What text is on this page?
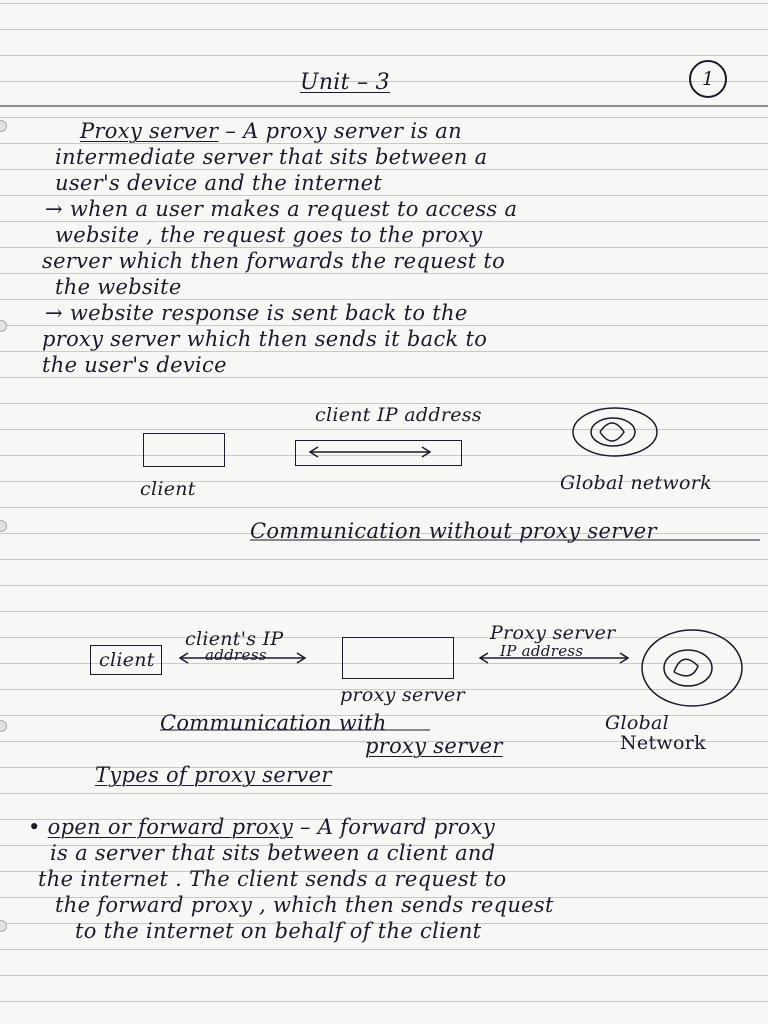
Unit – 3	1
Proxy server – A proxy server is an
intermediate server that sits between a
user's device and the internet
→ when a user makes a request to access a
website , the request goes to the proxy
server which then forwards the request to
the website
→ website response is sent back to the
proxy server which then sends it back to
the user's device
client IP address
client	Global network
Communication without proxy server
client
client's IP
address
Proxy server
IP address
proxy server
Communication with
proxy server
Global
Network
Types of proxy server
• open or forward proxy – A forward proxy
is a server that sits between a client and
the internet . The client sends a request to
the forward proxy , which then sends request
to the internet on behalf of the client
